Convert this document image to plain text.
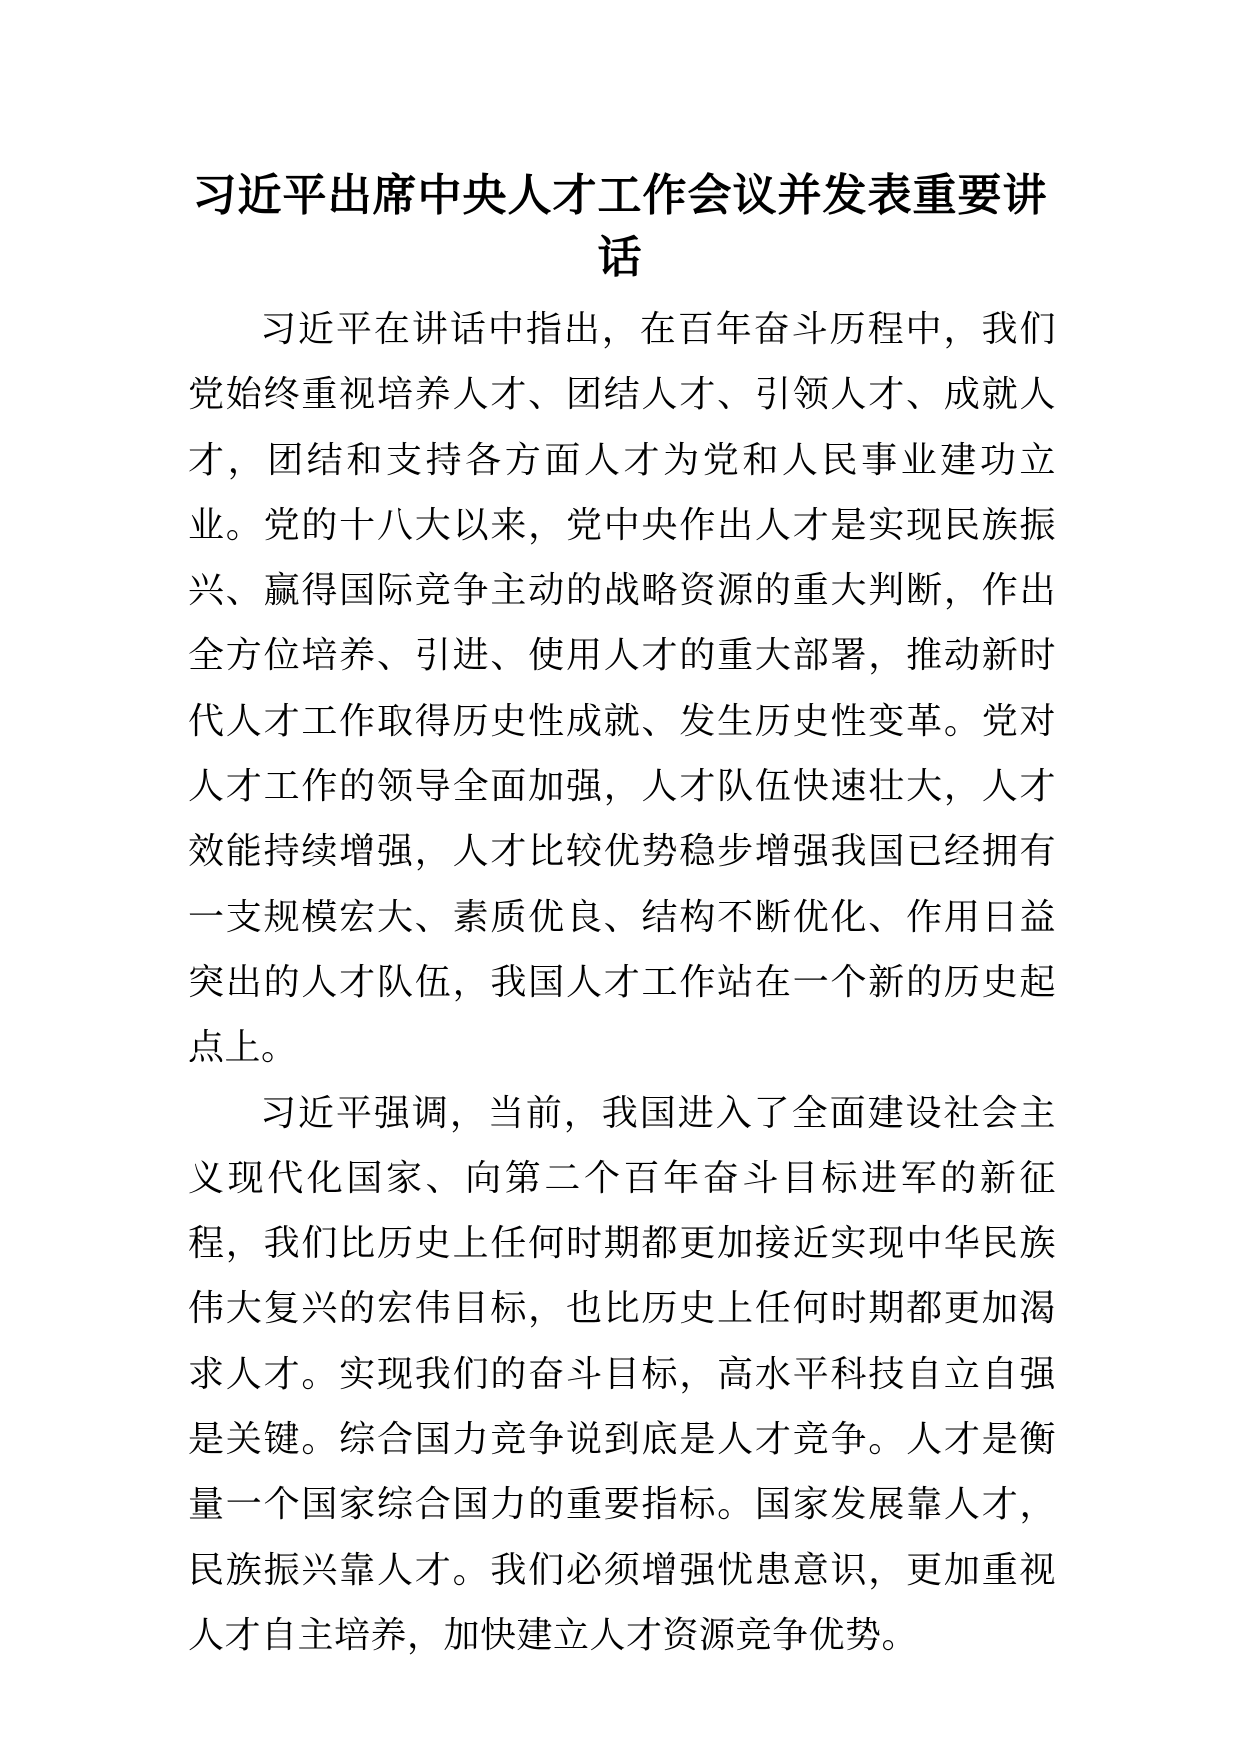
习近平出席中央人才工作会议并发表重要讲话

习近平在讲话中指出，在百年奋斗历程中，我们党始终重视培养人才、团结人才、引领人才、成就人才，团结和支持各方面人才为党和人民事业建功立业。党的十八大以来，党中央作出人才是实现民族振兴、赢得国际竞争主动的战略资源的重大判断，作出全方位培养、引进、使用人才的重大部署，推动新时代人才工作取得历史性成就、发生历史性变革。党对人才工作的领导全面加强，人才队伍快速壮大，人才效能持续增强，人才比较优势稳步增强我国已经拥有一支规模宏大、素质优良、结构不断优化、作用日益突出的人才队伍，我国人才工作站在一个新的历史起点上。

习近平强调，当前，我国进入了全面建设社会主义现代化国家、向第二个百年奋斗目标进军的新征程，我们比历史上任何时期都更加接近实现中华民族伟大复兴的宏伟目标，也比历史上任何时期都更加渴求人才。实现我们的奋斗目标，高水平科技自立自强是关键。综合国力竞争说到底是人才竞争。人才是衡量一个国家综合国力的重要指标。国家发展靠人才，民族振兴靠人才。我们必须增强忧患意识，更加重视人才自主培养，加快建立人才资源竞争优势。
